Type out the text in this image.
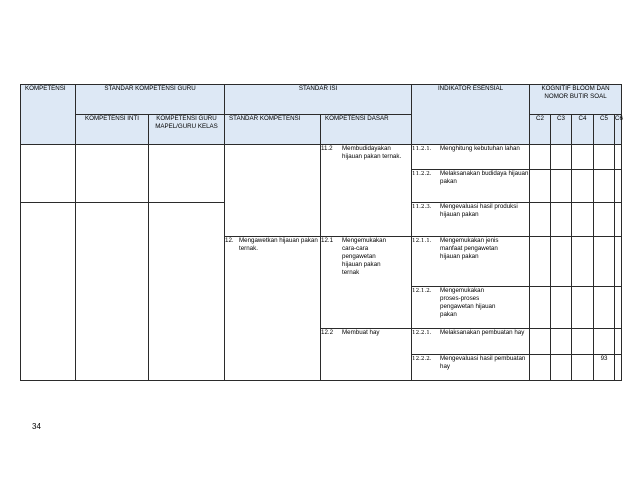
KOMPETENSI	STANDAR KOMPETENSI GURU		STANDAR ISI		INDIKATOR ESENSIAL	KOGNITIF BLOOM DAN NOMOR BUTIR SOAL				
	KOMPETENSI INTI	KOMPETENSI GURU MAPEL/GURU KELAS	STANDAR KOMPETENSI	KOMPETENSI DASAR		C2	C3	C4	C5	C6

				11.2 Membudidayakan hijauan pakan ternak.	11.2.1. Menghitung kebutuhan lahan					

					11.2.2. Melaksanakan budidaya hijauan pakan					

					11.2.3. Mengevaluasi hasil produksi hijauan pakan					

			12. Mengawetkan hijauan pakan ternak.	12.1 Mengemukakan cara-cara pengawetan hijauan pakan ternak	12.1.1. Mengemukakan jenis manfaat pengawetan hijauan pakan					

					12.1.2. Mengemukakan proses-proses pengawetan hijauan pakan					

				12.2 Membuat hay	12.2.1. Melaksanakan pembuatan hay					

					12.2.2. Mengevaluasi hasil pembuatan hay				93	
34
